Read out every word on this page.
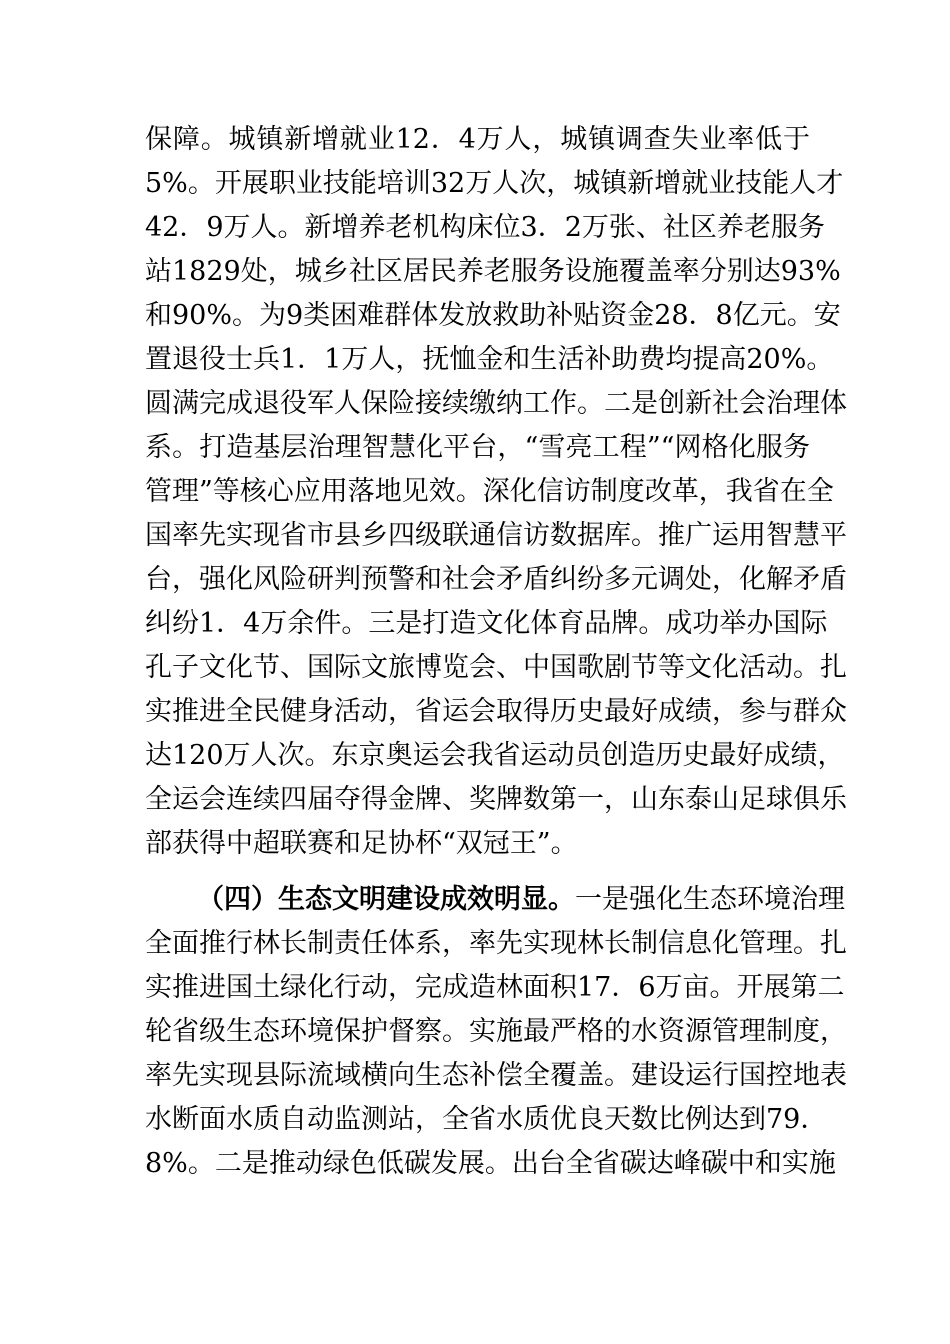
保障。城镇新增就业12．4万人，城镇调查失业率低于
5%。开展职业技能培训32万人次，城镇新增就业技能人才
42．9万人。新增养老机构床位3．2万张、社区养老服务
站1829处，城乡社区居民养老服务设施覆盖率分别达93%
和90%。为9类困难群体发放救助补贴资金28．8亿元。安
置退役士兵1．1万人，抚恤金和生活补助费均提高20%。
圆满完成退役军人保险接续缴纳工作。二是创新社会治理体
系。打造基层治理智慧化平台，“雪亮工程”“网格化服务
管理”等核心应用落地见效。深化信访制度改革，我省在全
国率先实现省市县乡四级联通信访数据库。推广运用智慧平
台，强化风险研判预警和社会矛盾纠纷多元调处，化解矛盾
纠纷1．4万余件。三是打造文化体育品牌。成功举办国际
孔子文化节、国际文旅博览会、中国歌剧节等文化活动。扎
实推进全民健身活动，省运会取得历史最好成绩，参与群众
达120万人次。东京奥运会我省运动员创造历史最好成绩，
全运会连续四届夺得金牌、奖牌数第一，山东泰山足球俱乐
部获得中超联赛和足协杯“双冠王”。
（四）生态文明建设成效明显。一是强化生态环境治理
全面推行林长制责任体系，率先实现林长制信息化管理。扎
实推进国土绿化行动，完成造林面积17．6万亩。开展第二
轮省级生态环境保护督察。实施最严格的水资源管理制度，
率先实现县际流域横向生态补偿全覆盖。建设运行国控地表
水断面水质自动监测站，全省水质优良天数比例达到79．
8%。二是推动绿色低碳发展。出台全省碳达峰碳中和实施
